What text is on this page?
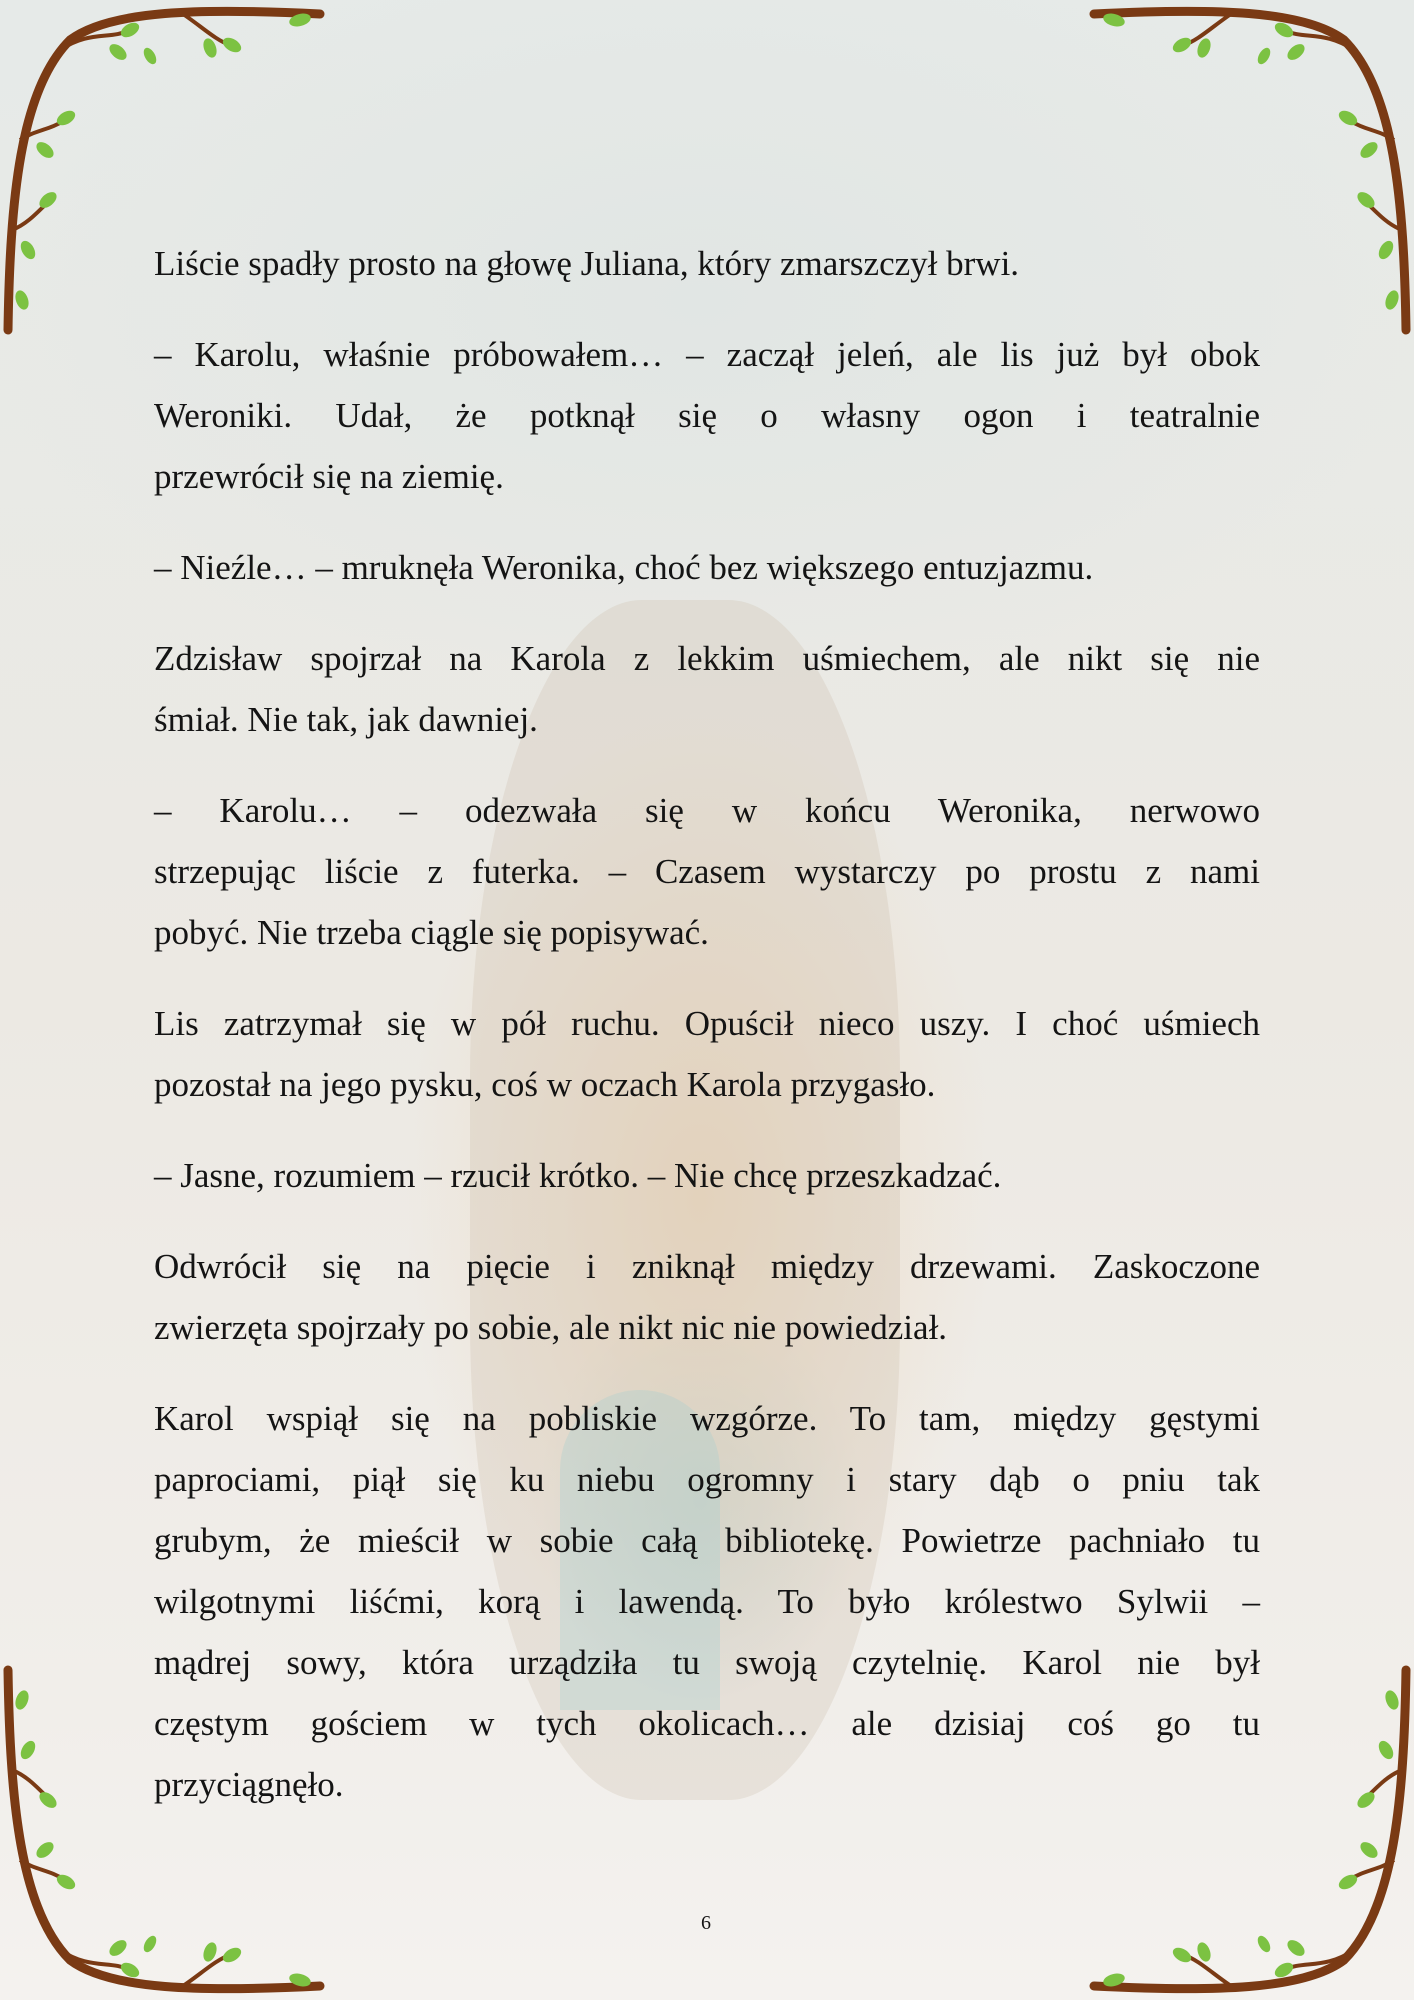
Liście spadły prosto na głowę Juliana, który zmarszczył brwi.
– Karolu, właśnie próbowałem… – zaczął jeleń, ale lis już był obok
Weroniki. Udał, że potknął się o własny ogon i teatralnie
przewrócił się na ziemię.
– Nieźle… – mruknęła Weronika, choć bez większego entuzjazmu.
Zdzisław spojrzał na Karola z lekkim uśmiechem, ale nikt się nie
śmiał. Nie tak, jak dawniej.
– Karolu… – odezwała się w końcu Weronika, nerwowo
strzepując liście z futerka. – Czasem wystarczy po prostu z nami
pobyć. Nie trzeba ciągle się popisywać.
Lis zatrzymał się w pół ruchu. Opuścił nieco uszy. I choć uśmiech
pozostał na jego pysku, coś w oczach Karola przygasło.
– Jasne, rozumiem – rzucił krótko. – Nie chcę przeszkadzać.
Odwrócił się na pięcie i zniknął między drzewami. Zaskoczone
zwierzęta spojrzały po sobie, ale nikt nic nie powiedział.
Karol wspiął się na pobliskie wzgórze. To tam, między gęstymi
paprociami, piął się ku niebu ogromny i stary dąb o pniu tak
grubym, że mieścił w sobie całą bibliotekę. Powietrze pachniało tu
wilgotnymi liśćmi, korą i lawendą. To było królestwo Sylwii –
mądrej sowy, która urządziła tu swoją czytelnię. Karol nie był
częstym gościem w tych okolicach… ale dzisiaj coś go tu
przyciągnęło.
6
